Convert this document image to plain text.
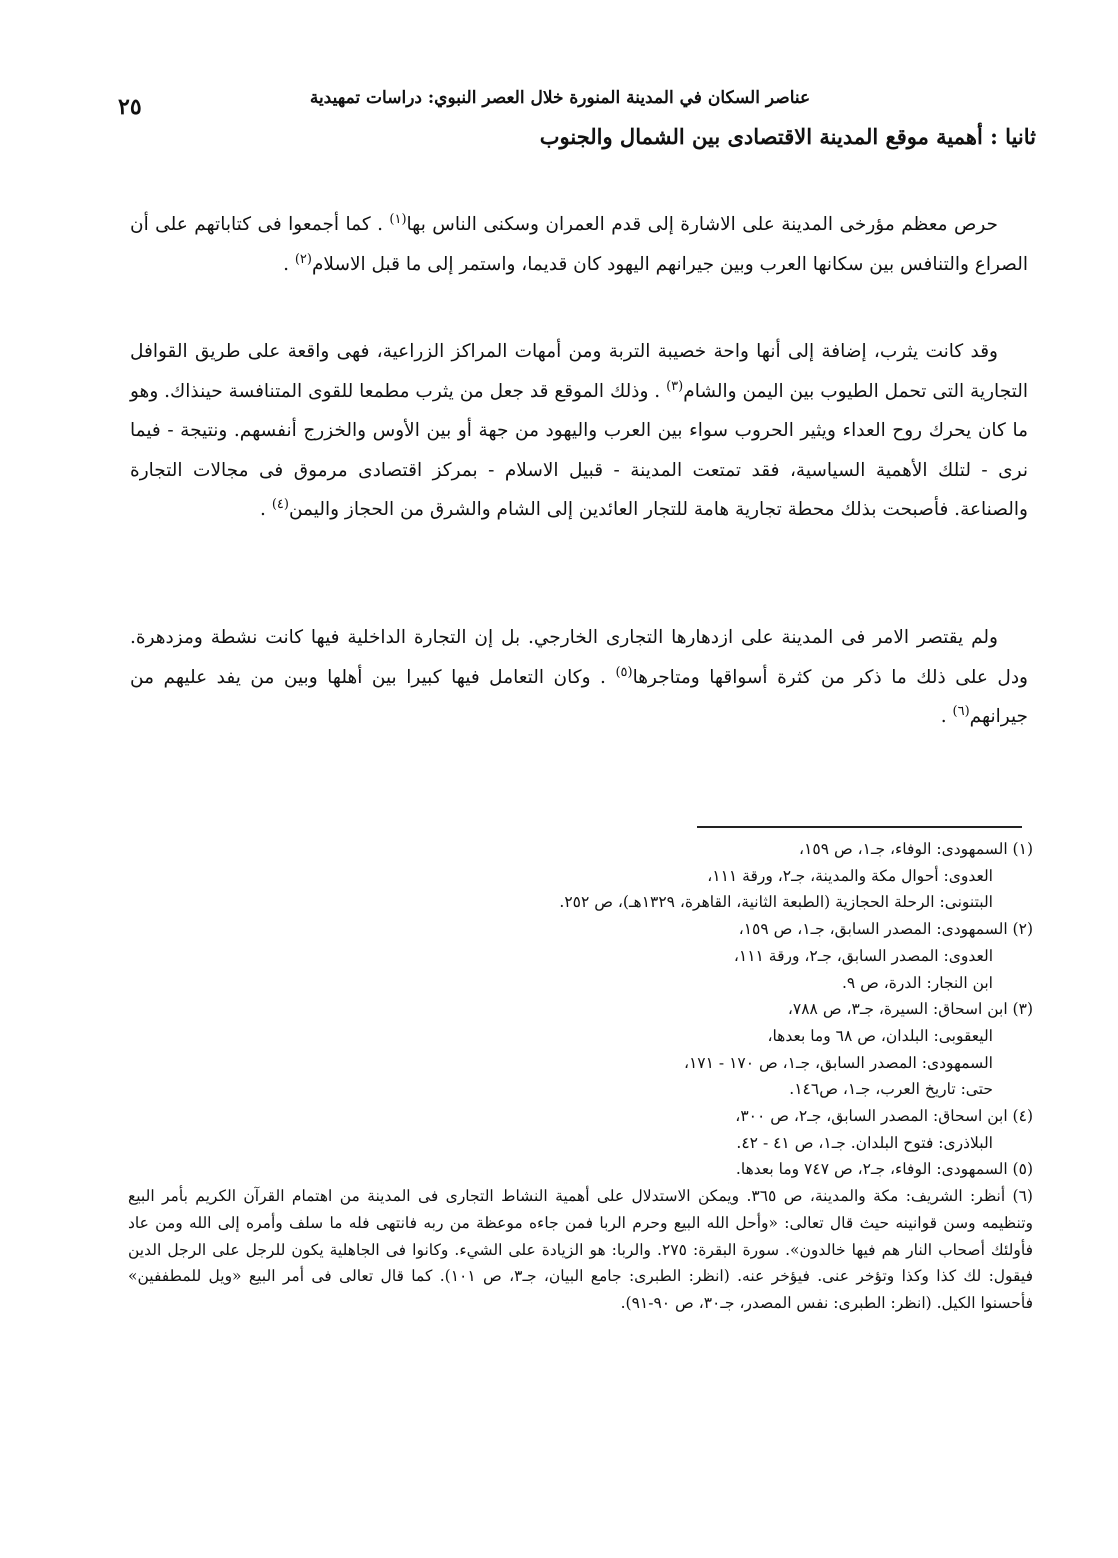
عناصر السكان في المدينة المنورة خلال العصر النبوي: دراسات تمهيدية
٢٥
ثانيا : أهمية موقع المدينة الاقتصادى بين الشمال والجنوب
حرص معظم مؤرخى المدينة على الاشارة إلى قدم العمران وسكنى الناس بها$^{(١)}$ . كما أجمعوا فى كتاباتهم على أن الصراع والتنافس بين سكانها العرب وبين جيرانهم اليهود كان قديما، واستمر إلى ما قبل الاسلام$^{(٢)}$ .
وقد كانت يثرب، إضافة إلى أنها واحة خصيبة التربة ومن أمهات المراكز الزراعية، فهى واقعة على طريق القوافل التجارية التى تحمل الطيوب بين اليمن والشام$^{(٣)}$ . وذلك الموقع قد جعل من يثرب مطمعا للقوى المتنافسة حينذاك. وهو ما كان يحرك روح العداء ويثير الحروب سواء بين العرب واليهود من جهة أو بين الأوس والخزرج أنفسهم. ونتيجة - فيما نرى - لتلك الأهمية السياسية، فقد تمتعت المدينة - قبيل الاسلام - بمركز اقتصادى مرموق فى مجالات التجارة والصناعة. فأصبحت بذلك محطة تجارية هامة للتجار العائدين إلى الشام والشرق من الحجاز واليمن$^{(٤)}$ .
ولم يقتصر الامر فى المدينة على ازدهارها التجارى الخارجي. بل إن التجارة الداخلية فيها كانت نشطة ومزدهرة. ودل على ذلك ما ذكر من كثرة أسواقها ومتاجرها$^{(٥)}$ . وكان التعامل فيها كبيرا بين أهلها وبين من يفد عليهم من جيرانهم$^{(٦)}$ .
(١) السمهودى: الوفاء، جـ١، ص ١٥٩،
العدوى: أحوال مكة والمدينة، جـ٢، ورقة ١١١،
البتنونى: الرحلة الحجازية (الطبعة الثانية، القاهرة، ١٣٢٩هـ)، ص ٢٥٢.
(٢) السمهودى: المصدر السابق، جـ١، ص ١٥٩،
العدوى: المصدر السابق، جـ٢، ورقة ١١١،
ابن النجار: الدرة، ص ٩.
(٣) ابن اسحاق: السيرة، جـ٣، ص ٧٨٨،
اليعقوبى: البلدان، ص ٦٨ وما بعدها،
السمهودى: المصدر السابق، جـ١، ص ١٧٠ - ١٧١،
حتى: تاريخ العرب، جـ١، ص١٤٦.
(٤) ابن اسحاق: المصدر السابق، جـ٢، ص ٣٠٠،
البلاذرى: فتوح البلدان. جـ١، ص ٤١ - ٤٢.
(٥) السمهودى: الوفاء، جـ٢، ص ٧٤٧ وما بعدها.
(٦) أنظر: الشريف: مكة والمدينة، ص ٣٦٥. ويمكن الاستدلال على أهمية النشاط التجارى فى المدينة من اهتمام القرآن الكريم بأمر البيع وتنظيمه وسن قوانينه حيث قال تعالى: «وأحل الله البيع وحرم الربا فمن جاءه موعظة من ربه فانتهى فله ما سلف وأمره إلى الله ومن عاد فأولئك أصحاب النار هم فيها خالدون». سورة البقرة: ٢٧٥. والربا: هو الزيادة على الشيء. وكانوا فى الجاهلية يكون للرجل على الرجل الدين فيقول: لك كذا وكذا وتؤخر عنى. فيؤخر عنه. (انظر: الطبرى: جامع البيان، جـ٣، ص ١٠١). كما قال تعالى فى أمر البيع «ويل للمطففين» فأحسنوا الكيل. (انظر: الطبرى: نفس المصدر، جـ٣٠، ص ٩٠-٩١).
